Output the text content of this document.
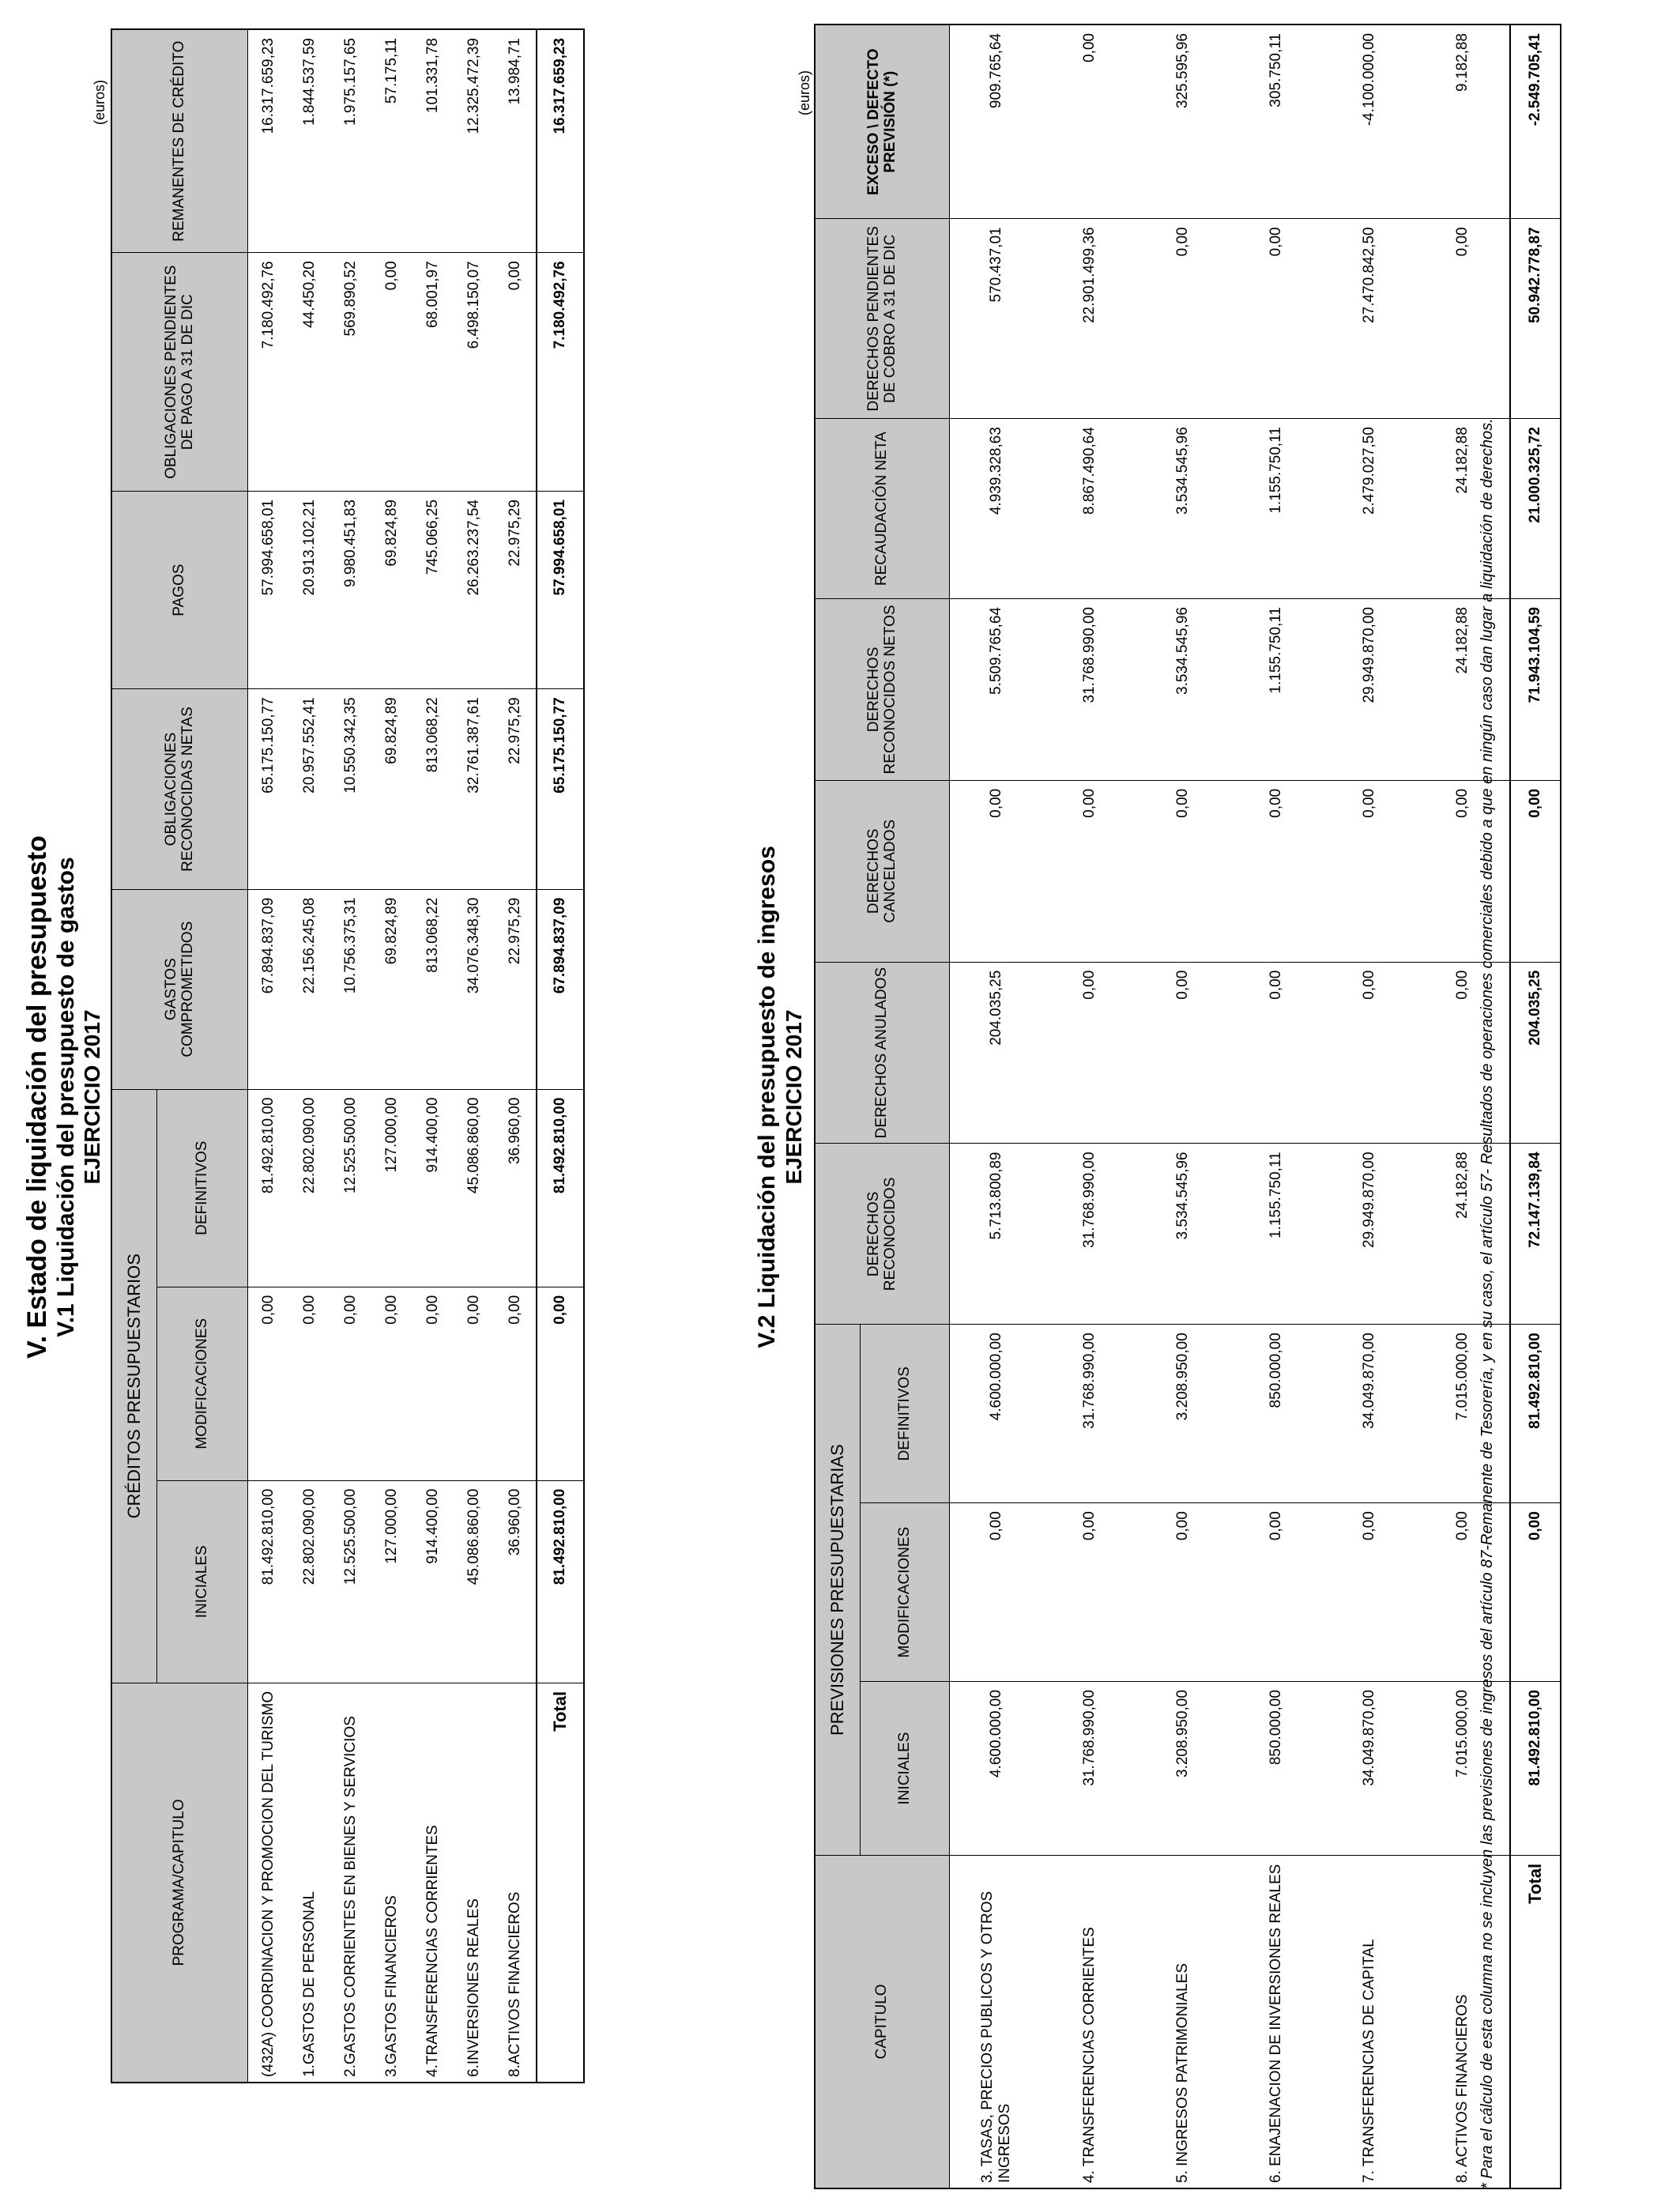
V. Estado de liquidación del presupuesto V.1 Liquidación del presupuesto de gastos EJERCICIO 2017
(euros)
PROGRAMA/CAPITULO	CRÉDITOS PRESUPUESTARIOS			GASTOS COMPROMETIDOS	OBLIGACIONES RECONOCIDAS NETAS	PAGOS	OBLIGACIONES PENDIENTES DE PAGO A 31 DE DIC	REMANENTES DE CRÉDITO
	INICIALES	MODIFICACIONES	DEFINITIVOS					
(432A) COORDINACION Y PROMOCION DEL TURISMO	81.492.810,00	0,00	81.492.810,00	67.894.837,09	65.175.150,77	57.994.658,01	7.180.492,76	16.317.659,23
1.GASTOS DE PERSONAL	22.802.090,00	0,00	22.802.090,00	22.156.245,08	20.957.552,41	20.913.102,21	44.450,20	1.844.537,59
2.GASTOS CORRIENTES EN BIENES Y SERVICIOS	12.525.500,00	0,00	12.525.500,00	10.756.375,31	10.550.342,35	9.980.451,83	569.890,52	1.975.157,65
3.GASTOS FINANCIEROS	127.000,00	0,00	127.000,00	69.824,89	69.824,89	69.824,89	0,00	57.175,11
4.TRANSFERENCIAS CORRIENTES	914.400,00	0,00	914.400,00	813.068,22	813.068,22	745.066,25	68.001,97	101.331,78
6.INVERSIONES REALES	45.086.860,00	0,00	45.086.860,00	34.076.348,30	32.761.387,61	26.263.237,54	6.498.150,07	12.325.472,39
8.ACTIVOS FINANCIEROS	36.960,00	0,00	36.960,00	22.975,29	22.975,29	22.975,29	0,00	13.984,71
Total	81.492.810,00	0,00	81.492.810,00	67.894.837,09	65.175.150,77	57.994.658,01	7.180.492,76	16.317.659,23
V.2 Liquidación del presupuesto de ingresos EJERCICIO 2017
(euros)
CAPITULO	PREVISIONES PRESUPUESTARIAS			DERECHOS RECONOCIDOS	DERECHOS ANULADOS	DERECHOS CANCELADOS	DERECHOS RECONOCIDOS NETOS	RECAUDACIÓN NETA	DERECHOS PENDIENTES DE COBRO A 31 DE DIC	EXCESO \ DEFECTO PREVISIÓN (*)
	INICIALES	MODIFICACIONES	DEFINITIVOS							
3. TASAS, PRECIOS PUBLICOS Y OTROS INGRESOS	4.600.000,00	0,00	4.600.000,00	5.713.800,89	204.035,25	0,00	5.509.765,64	4.939.328,63	570.437,01	909.765,64
4. TRANSFERENCIAS CORRIENTES	31.768.990,00	0,00	31.768.990,00	31.768.990,00	0,00	0,00	31.768.990,00	8.867.490,64	22.901.499,36	0,00
5. INGRESOS PATRIMONIALES	3.208.950,00	0,00	3.208.950,00	3.534.545,96	0,00	0,00	3.534.545,96	3.534.545,96	0,00	325.595,96
6. ENAJENACION DE INVERSIONES REALES	850.000,00	0,00	850.000,00	1.155.750,11	0,00	0,00	1.155.750,11	1.155.750,11	0,00	305.750,11
7. TRANSFERENCIAS DE CAPITAL	34.049.870,00	0,00	34.049.870,00	29.949.870,00	0,00	0,00	29.949.870,00	2.479.027,50	27.470.842,50	-4.100.000,00
8. ACTIVOS FINANCIEROS	7.015.000,00	0,00	7.015.000,00	24.182,88	0,00	0,00	24.182,88	24.182,88	0,00	9.182,88
Total	81.492.810,00	0,00	81.492.810,00	72.147.139,84	204.035,25	0,00	71.943.104,59	21.000.325,72	50.942.778,87	-2.549.705,41
* Para el cálculo de esta columna no se incluyen las previsiones de ingresos del artículo 87-Remanente de Tesorería, y en su caso, el artículo 57- Resultados de operaciones comerciales debido a que en ningún caso dan lugar a liquidación de derechos.
